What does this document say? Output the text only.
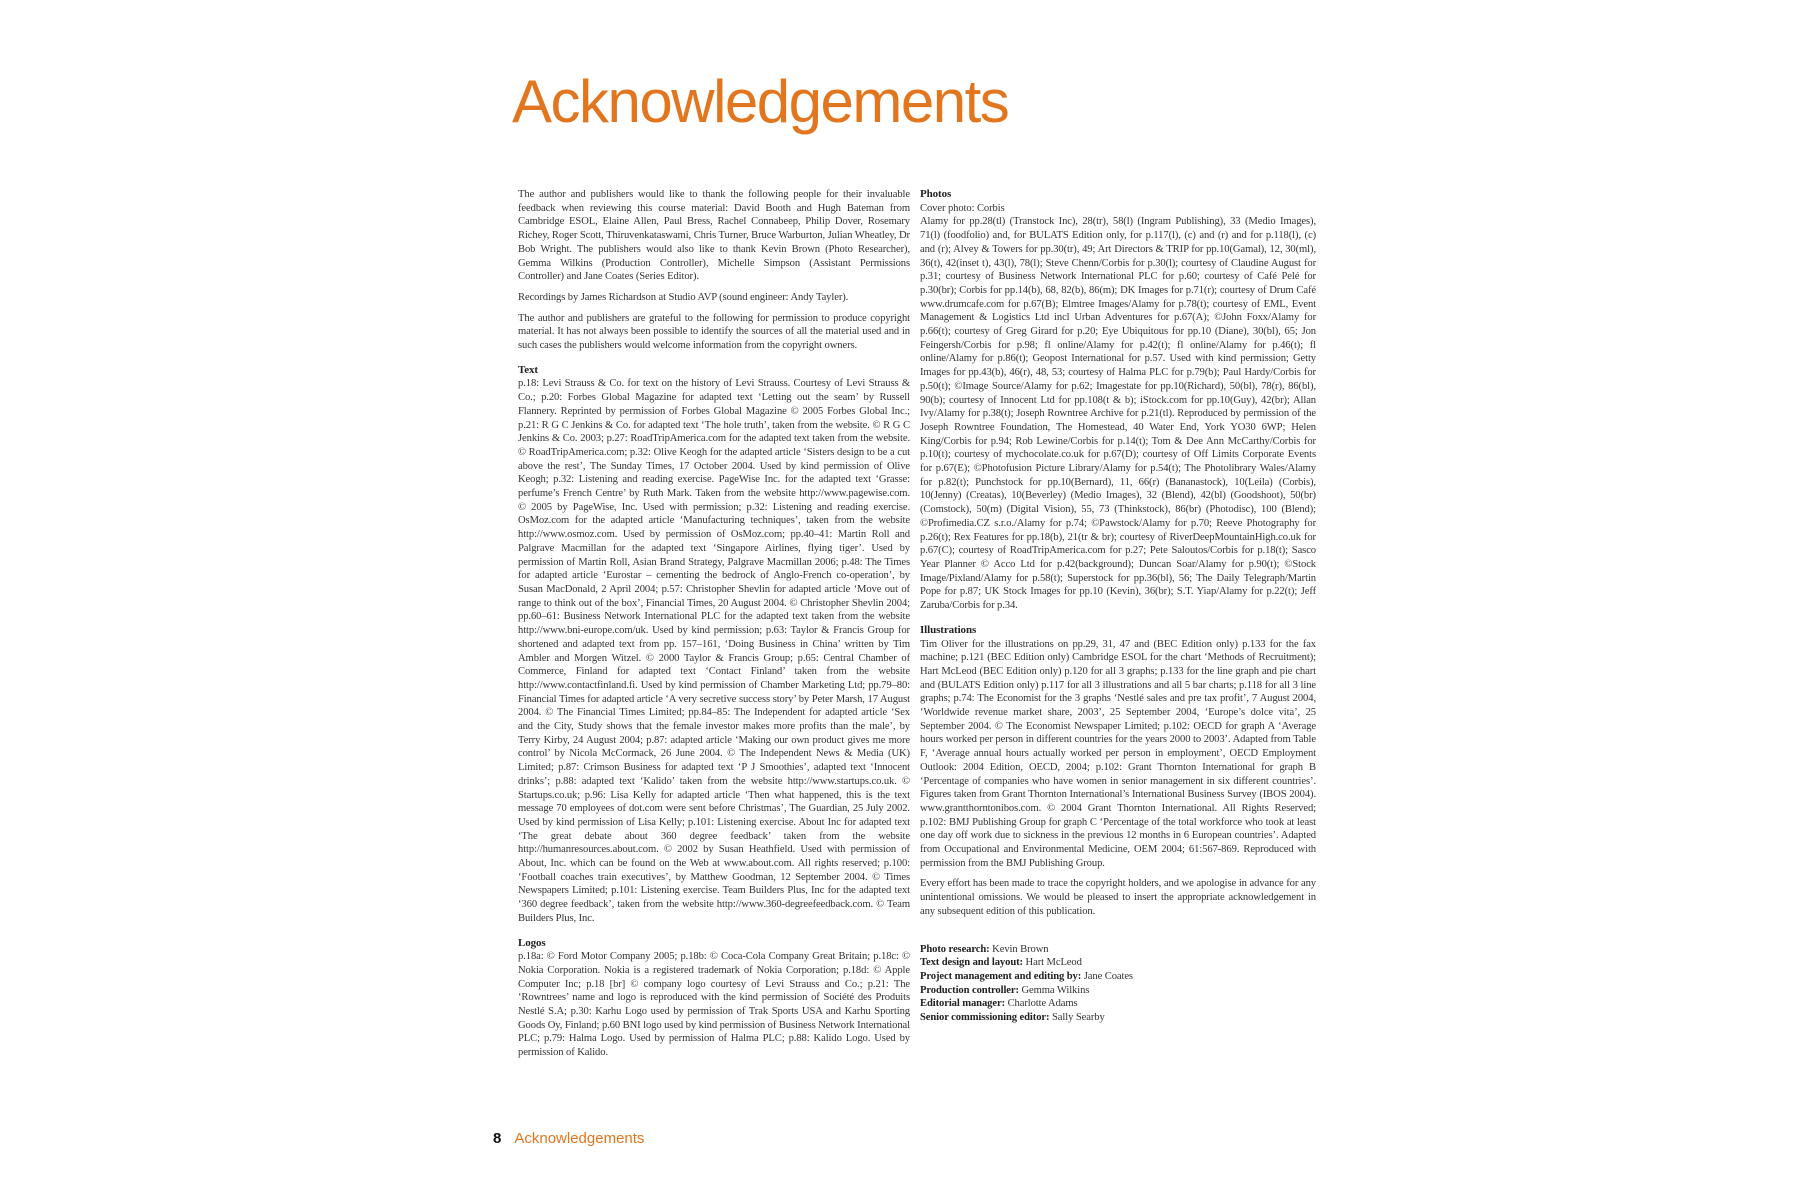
Acknowledgements

The author and publishers would like to thank the following people for their invaluable feedback when reviewing this course material: David Booth and Hugh Bateman from Cambridge ESOL, Elaine Allen, Paul Bress, Rachel Connabeep, Philip Dover, Rosemary Richey, Roger Scott, Thiruvenkataswami, Chris Turner, Bruce Warburton, Julian Wheatley, Dr Bob Wright. The publishers would also like to thank Kevin Brown (Photo Researcher), Gemma Wilkins (Production Controller), Michelle Simpson (Assistant Permissions Controller) and Jane Coates (Series Editor).

Recordings by James Richardson at Studio AVP (sound engineer: Andy Tayler).

The author and publishers are grateful to the following for permission to produce copyright material. It has not always been possible to identify the sources of all the material used and in such cases the publishers would welcome information from the copyright owners.

Text

p.18: Levi Strauss & Co. for text on the history of Levi Strauss. Courtesy of Levi Strauss & Co.; p.20: Forbes Global Magazine for adapted text ‘Letting out the seam’ by Russell Flannery. Reprinted by permission of Forbes Global Magazine © 2005 Forbes Global Inc.; p.21: R G C Jenkins & Co. for adapted text ‘The hole truth’, taken from the website. © R G C Jenkins & Co. 2003; p.27: RoadTripAmerica.com for the adapted text taken from the website. © RoadTripAmerica.com; p.32: Olive Keogh for the adapted article ‘Sisters design to be a cut above the rest’, The Sunday Times, 17 October 2004. Used by kind permission of Olive Keogh; p.32: Listening and reading exercise. PageWise Inc. for the adapted text ‘Grasse: perfume’s French Centre’ by Ruth Mark. Taken from the website http://www.pagewise.com. © 2005 by PageWise, Inc. Used with permission; p.32: Listening and reading exercise. OsMoz.com for the adapted article ‘Manufacturing techniques’, taken from the website http://www.osmoz.com. Used by permission of OsMoz.com; pp.40–41: Martin Roll and Palgrave Macmillan for the adapted text ‘Singapore Airlines, flying tiger’. Used by permission of Martin Roll, Asian Brand Strategy, Palgrave Macmillan 2006; p.48: The Times for adapted article ‘Eurostar – cementing the bedrock of Anglo-French co-operation’, by Susan MacDonald, 2 April 2004; p.57: Christopher Shevlin for adapted article ‘Move out of range to think out of the box’, Financial Times, 20 August 2004. © Christopher Shevlin 2004; pp.60–61: Business Network International PLC for the adapted text taken from the website http://www.bni-europe.com/uk. Used by kind permission; p.63: Taylor & Francis Group for shortened and adapted text from pp. 157–161, ‘Doing Business in China’ written by Tim Ambler and Morgen Witzel. © 2000 Taylor & Francis Group; p.65: Central Chamber of Commerce, Finland for adapted text ‘Contact Finland’ taken from the website http://www.contactfinland.fi. Used by kind permission of Chamber Marketing Ltd; pp.79–80: Financial Times for adapted article ‘A very secretive success story’ by Peter Marsh, 17 August 2004. © The Financial Times Limited; pp.84–85: The Independent for adapted article ‘Sex and the City, Study shows that the female investor makes more profits than the male’, by Terry Kirby, 24 August 2004; p.87: adapted article ‘Making our own product gives me more control’ by Nicola McCormack, 26 June 2004. © The Independent News & Media (UK) Limited; p.87: Crimson Business for adapted text ‘P J Smoothies’, adapted text ‘Innocent drinks’; p.88: adapted text ‘Kalido’ taken from the website http://www.startups.co.uk. © Startups.co.uk; p.96: Lisa Kelly for adapted article ‘Then what happened, this is the text message 70 employees of dot.com were sent before Christmas’, The Guardian, 25 July 2002. Used by kind permission of Lisa Kelly; p.101: Listening exercise. About Inc for adapted text ‘The great debate about 360 degree feedback’ taken from the website http://humanresources.about.com. © 2002 by Susan Heathfield. Used with permission of About, Inc. which can be found on the Web at www.about.com. All rights reserved; p.100: ‘Football coaches train executives’, by Matthew Goodman, 12 September 2004. © Times Newspapers Limited; p.101: Listening exercise. Team Builders Plus, Inc for the adapted text ‘360 degree feedback’, taken from the website http://www.360-degreefeedback.com. © Team Builders Plus, Inc.

Logos

p.18a: © Ford Motor Company 2005; p.18b: © Coca-Cola Company Great Britain; p.18c: © Nokia Corporation. Nokia is a registered trademark of Nokia Corporation; p.18d: © Apple Computer Inc; p.18 [br] © company logo courtesy of Levi Strauss and Co.; p.21: The ‘Rowntrees’ name and logo is reproduced with the kind permission of Société des Produits Nestlé S.A; p.30: Karhu Logo used by permission of Trak Sports USA and Karhu Sporting Goods Oy, Finland; p.60 BNI logo used by kind permission of Business Network International PLC; p.79: Halma Logo. Used by permission of Halma PLC; p.88: Kalido Logo. Used by permission of Kalido.

Photos

Cover photo: Corbis

Alamy for pp.28(tl) (Transtock Inc), 28(tr), 58(l) (Ingram Publishing), 33 (Medio Images), 71(l) (foodfolio) and, for BULATS Edition only, for p.117(l), (c) and (r) and for p.118(l), (c) and (r); Alvey & Towers for pp.30(tr), 49; Art Directors & TRIP for pp.10(Gamal), 12, 30(ml), 36(t), 42(inset t), 43(l), 78(l); Steve Chenn/Corbis for p.30(l); courtesy of Claudine August for p.31; courtesy of Business Network International PLC for p.60; courtesy of Café Pelé for p.30(br); Corbis for pp.14(b), 68, 82(b), 86(m); DK Images for p.71(r); courtesy of Drum Café www.drumcafe.com for p.67(B); Elmtree Images/Alamy for p.78(t); courtesy of EML, Event Management & Logistics Ltd incl Urban Adventures for p.67(A); ©John Foxx/Alamy for p.66(t); courtesy of Greg Girard for p.20; Eye Ubiquitous for pp.10 (Diane), 30(bl), 65; Jon Feingersh/Corbis for p.98; fl online/Alamy for p.42(t); fl online/Alamy for p.46(t); fl online/Alamy for p.86(t); Geopost International for p.57. Used with kind permission; Getty Images for pp.43(b), 46(r), 48, 53; courtesy of Halma PLC for p.79(b); Paul Hardy/Corbis for p.50(t); ©Image Source/Alamy for p.62; Imagestate for pp.10(Richard), 50(bl), 78(r), 86(bl), 90(b); courtesy of Innocent Ltd for pp.108(t & b); iStock.com for pp.10(Guy), 42(br); Allan Ivy/Alamy for p.38(t); Joseph Rowntree Archive for p.21(tl). Reproduced by permission of the Joseph Rowntree Foundation, The Homestead, 40 Water End, York YO30 6WP; Helen King/Corbis for p.94; Rob Lewine/Corbis for p.14(t); Tom & Dee Ann McCarthy/Corbis for p.10(t); courtesy of mychocolate.co.uk for p.67(D); courtesy of Off Limits Corporate Events for p.67(E); ©Photofusion Picture Library/Alamy for p.54(t); The Photolibrary Wales/Alamy for p.82(t); Punchstock for pp.10(Bernard), 11, 66(r) (Bananastock), 10(Leila) (Corbis), 10(Jenny) (Creatas), 10(Beverley) (Medio Images), 32 (Blend), 42(bl) (Goodshoot), 50(br) (Comstock), 50(m) (Digital Vision), 55, 73 (Thinkstock), 86(br) (Photodisc), 100 (Blend); ©Profimedia.CZ s.r.o./Alamy for p.74; ©Pawstock/Alamy for p.70; Reeve Photography for p.26(t); Rex Features for pp.18(b), 21(tr & br); courtesy of RiverDeepMountainHigh.co.uk for p.67(C); courtesy of RoadTripAmerica.com for p.27; Pete Saloutos/Corbis for p.18(t); Sasco Year Planner © Acco Ltd for p.42(background); Duncan Soar/Alamy for p.90(t); ©Stock Image/Pixland/Alamy for p.58(t); Superstock for pp.36(bl), 56; The Daily Telegraph/Martin Pope for p.87; UK Stock Images for pp.10 (Kevin), 36(br); S.T. Yiap/Alamy for p.22(t); Jeff Zaruba/Corbis for p.34.

Illustrations

Tim Oliver for the illustrations on pp.29, 31, 47 and (BEC Edition only) p.133 for the fax machine; p.121 (BEC Edition only) Cambridge ESOL for the chart ‘Methods of Recruitment); Hart McLeod (BEC Edition only) p.120 for all 3 graphs; p.133 for the line graph and pie chart and (BULATS Edition only) p.117 for all 3 illustrations and all 5 bar charts; p.118 for all 3 line graphs; p.74: The Economist for the 3 graphs ‘Nestlé sales and pre tax profit’, 7 August 2004, ‘Worldwide revenue market share, 2003’, 25 September 2004, ‘Europe’s dolce vita’, 25 September 2004. © The Economist Newspaper Limited; p.102: OECD for graph A ‘Average hours worked per person in different countries for the years 2000 to 2003’. Adapted from Table F, ‘Average annual hours actually worked per person in employment’, OECD Employment Outlook: 2004 Edition, OECD, 2004; p.102: Grant Thornton International for graph B ‘Percentage of companies who have women in senior management in six different countries’. Figures taken from Grant Thornton International’s International Business Survey (IBOS 2004). www.grantthorntonibos.com. © 2004 Grant Thornton International. All Rights Reserved; p.102: BMJ Publishing Group for graph C ‘Percentage of the total workforce who took at least one day off work due to sickness in the previous 12 months in 6 European countries’. Adapted from Occupational and Environmental Medicine, OEM 2004; 61:567-869. Reproduced with permission from the BMJ Publishing Group.

Every effort has been made to trace the copyright holders, and we apologise in advance for any unintentional omissions. We would be pleased to insert the appropriate acknowledgement in any subsequent edition of this publication.

Photo research: Kevin Brown
Text design and layout: Hart McLeod
Project management and editing by: Jane Coates
Production controller: Gemma Wilkins
Editorial manager: Charlotte Adams
Senior commissioning editor: Sally Searby
8 Acknowledgements
